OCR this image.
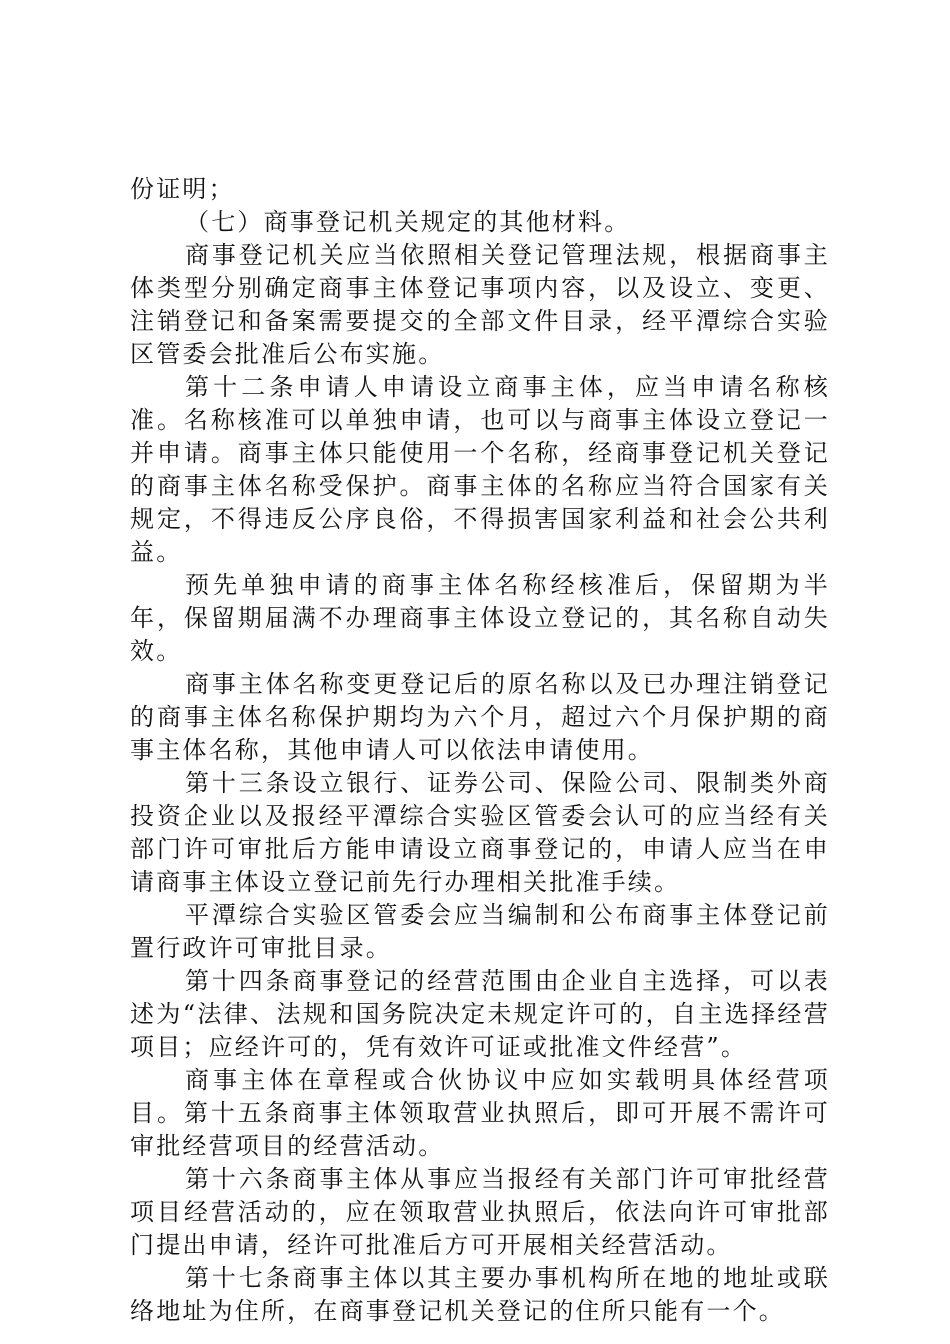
份证明；

（七）商事登记机关规定的其他材料。

商事登记机关应当依照相关登记管理法规，根据商事主体类型分别确定商事主体登记事项内容，以及设立、变更、注销登记和备案需要提交的全部文件目录，经平潭综合实验区管委会批准后公布实施。

第十二条申请人申请设立商事主体，应当申请名称核准。名称核准可以单独申请，也可以与商事主体设立登记一并申请。商事主体只能使用一个名称，经商事登记机关登记的商事主体名称受保护。商事主体的名称应当符合国家有关规定，不得违反公序良俗，不得损害国家利益和社会公共利益。

预先单独申请的商事主体名称经核准后，保留期为半年，保留期届满不办理商事主体设立登记的，其名称自动失效。

商事主体名称变更登记后的原名称以及已办理注销登记的商事主体名称保护期均为六个月，超过六个月保护期的商事主体名称，其他申请人可以依法申请使用。

第十三条设立银行、证券公司、保险公司、限制类外商投资企业以及报经平潭综合实验区管委会认可的应当经有关部门许可审批后方能申请设立商事登记的，申请人应当在申请商事主体设立登记前先行办理相关批准手续。

平潭综合实验区管委会应当编制和公布商事主体登记前置行政许可审批目录。

第十四条商事登记的经营范围由企业自主选择，可以表述为“法律、法规和国务院决定未规定许可的，自主选择经营项目；应经许可的，凭有效许可证或批准文件经营”。

商事主体在章程或合伙协议中应如实载明具体经营项目。第十五条商事主体领取营业执照后，即可开展不需许可审批经营项目的经营活动。

第十六条商事主体从事应当报经有关部门许可审批经营项目经营活动的，应在领取营业执照后，依法向许可审批部门提出申请，经许可批准后方可开展相关经营活动。

第十七条商事主体以其主要办事机构所在地的地址或联络地址为住所，在商事登记机关登记的住所只能有一个。
